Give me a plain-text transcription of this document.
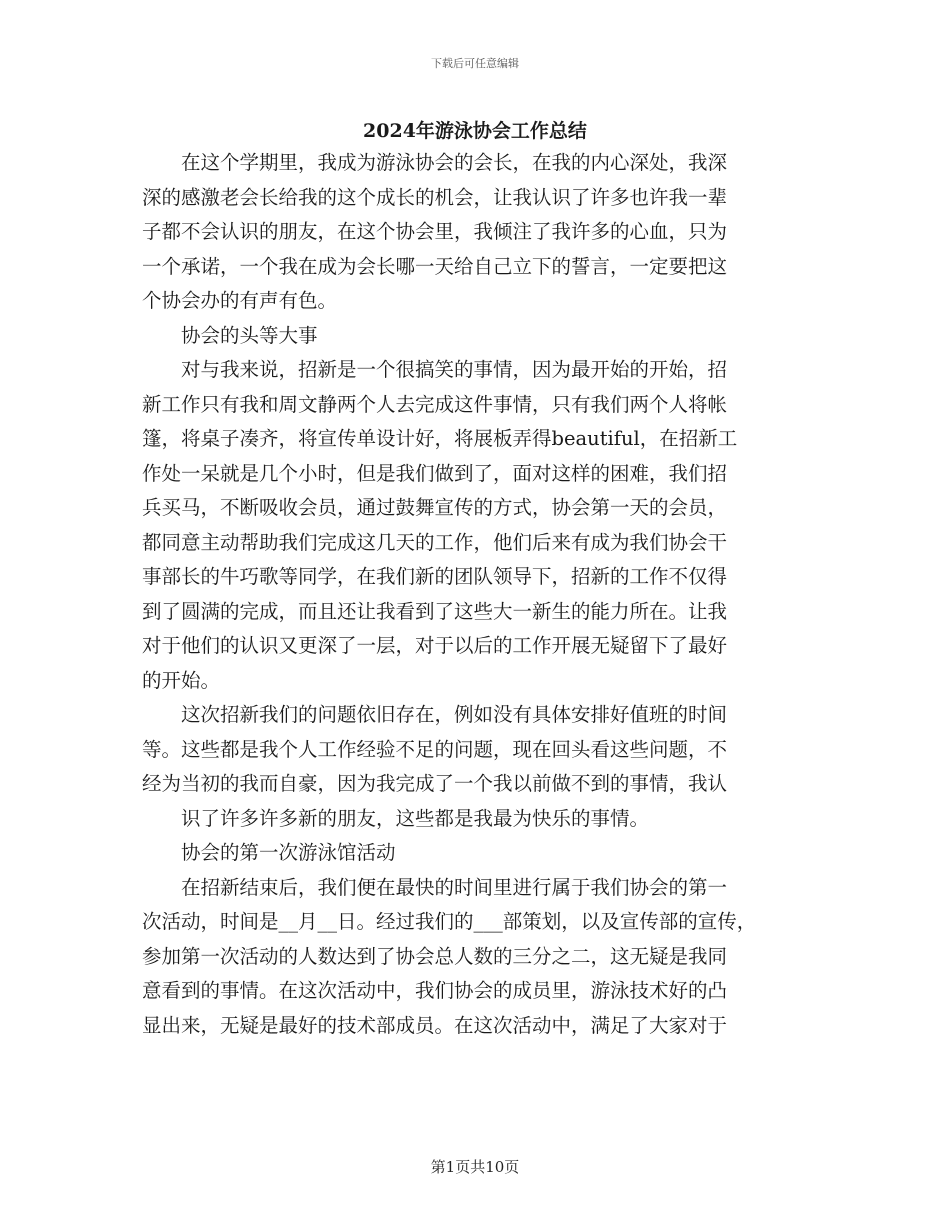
下载后可任意编辑
2024年游泳协会工作总结
　　在这个学期里，我成为游泳协会的会长，在我的内心深处，我深
深的感激老会长给我的这个成长的机会，让我认识了许多也许我一辈
子都不会认识的朋友，在这个协会里，我倾注了我许多的心血，只为
一个承诺，一个我在成为会长哪一天给自己立下的誓言，一定要把这
个协会办的有声有色。
　　协会的头等大事
　　对与我来说，招新是一个很搞笑的事情，因为最开始的开始，招
新工作只有我和周文静两个人去完成这件事情，只有我们两个人将帐
篷，将桌子凑齐，将宣传单设计好，将展板弄得beautiful，在招新工
作处一呆就是几个小时，但是我们做到了，面对这样的困难，我们招
兵买马，不断吸收会员，通过鼓舞宣传的方式，协会第一天的会员，
都同意主动帮助我们完成这几天的工作，他们后来有成为我们协会干
事部长的牛巧歌等同学，在我们新的团队领导下，招新的工作不仅得
到了圆满的完成，而且还让我看到了这些大一新生的能力所在。让我
对于他们的认识又更深了一层，对于以后的工作开展无疑留下了最好
的开始。
　　这次招新我们的问题依旧存在，例如没有具体安排好值班的时间
等。这些都是我个人工作经验不足的问题，现在回头看这些问题，不
经为当初的我而自豪，因为我完成了一个我以前做不到的事情，我认
　　识了许多许多新的朋友，这些都是我最为快乐的事情。
　　协会的第一次游泳馆活动
　　在招新结束后，我们便在最快的时间里进行属于我们协会的第一
次活动，时间是__月__日。经过我们的___部策划，以及宣传部的宣传，
参加第一次活动的人数达到了协会总人数的三分之二，这无疑是我同
意看到的事情。在这次活动中，我们协会的成员里，游泳技术好的凸
显出来，无疑是最好的技术部成员。在这次活动中，满足了大家对于
第1页共10页
